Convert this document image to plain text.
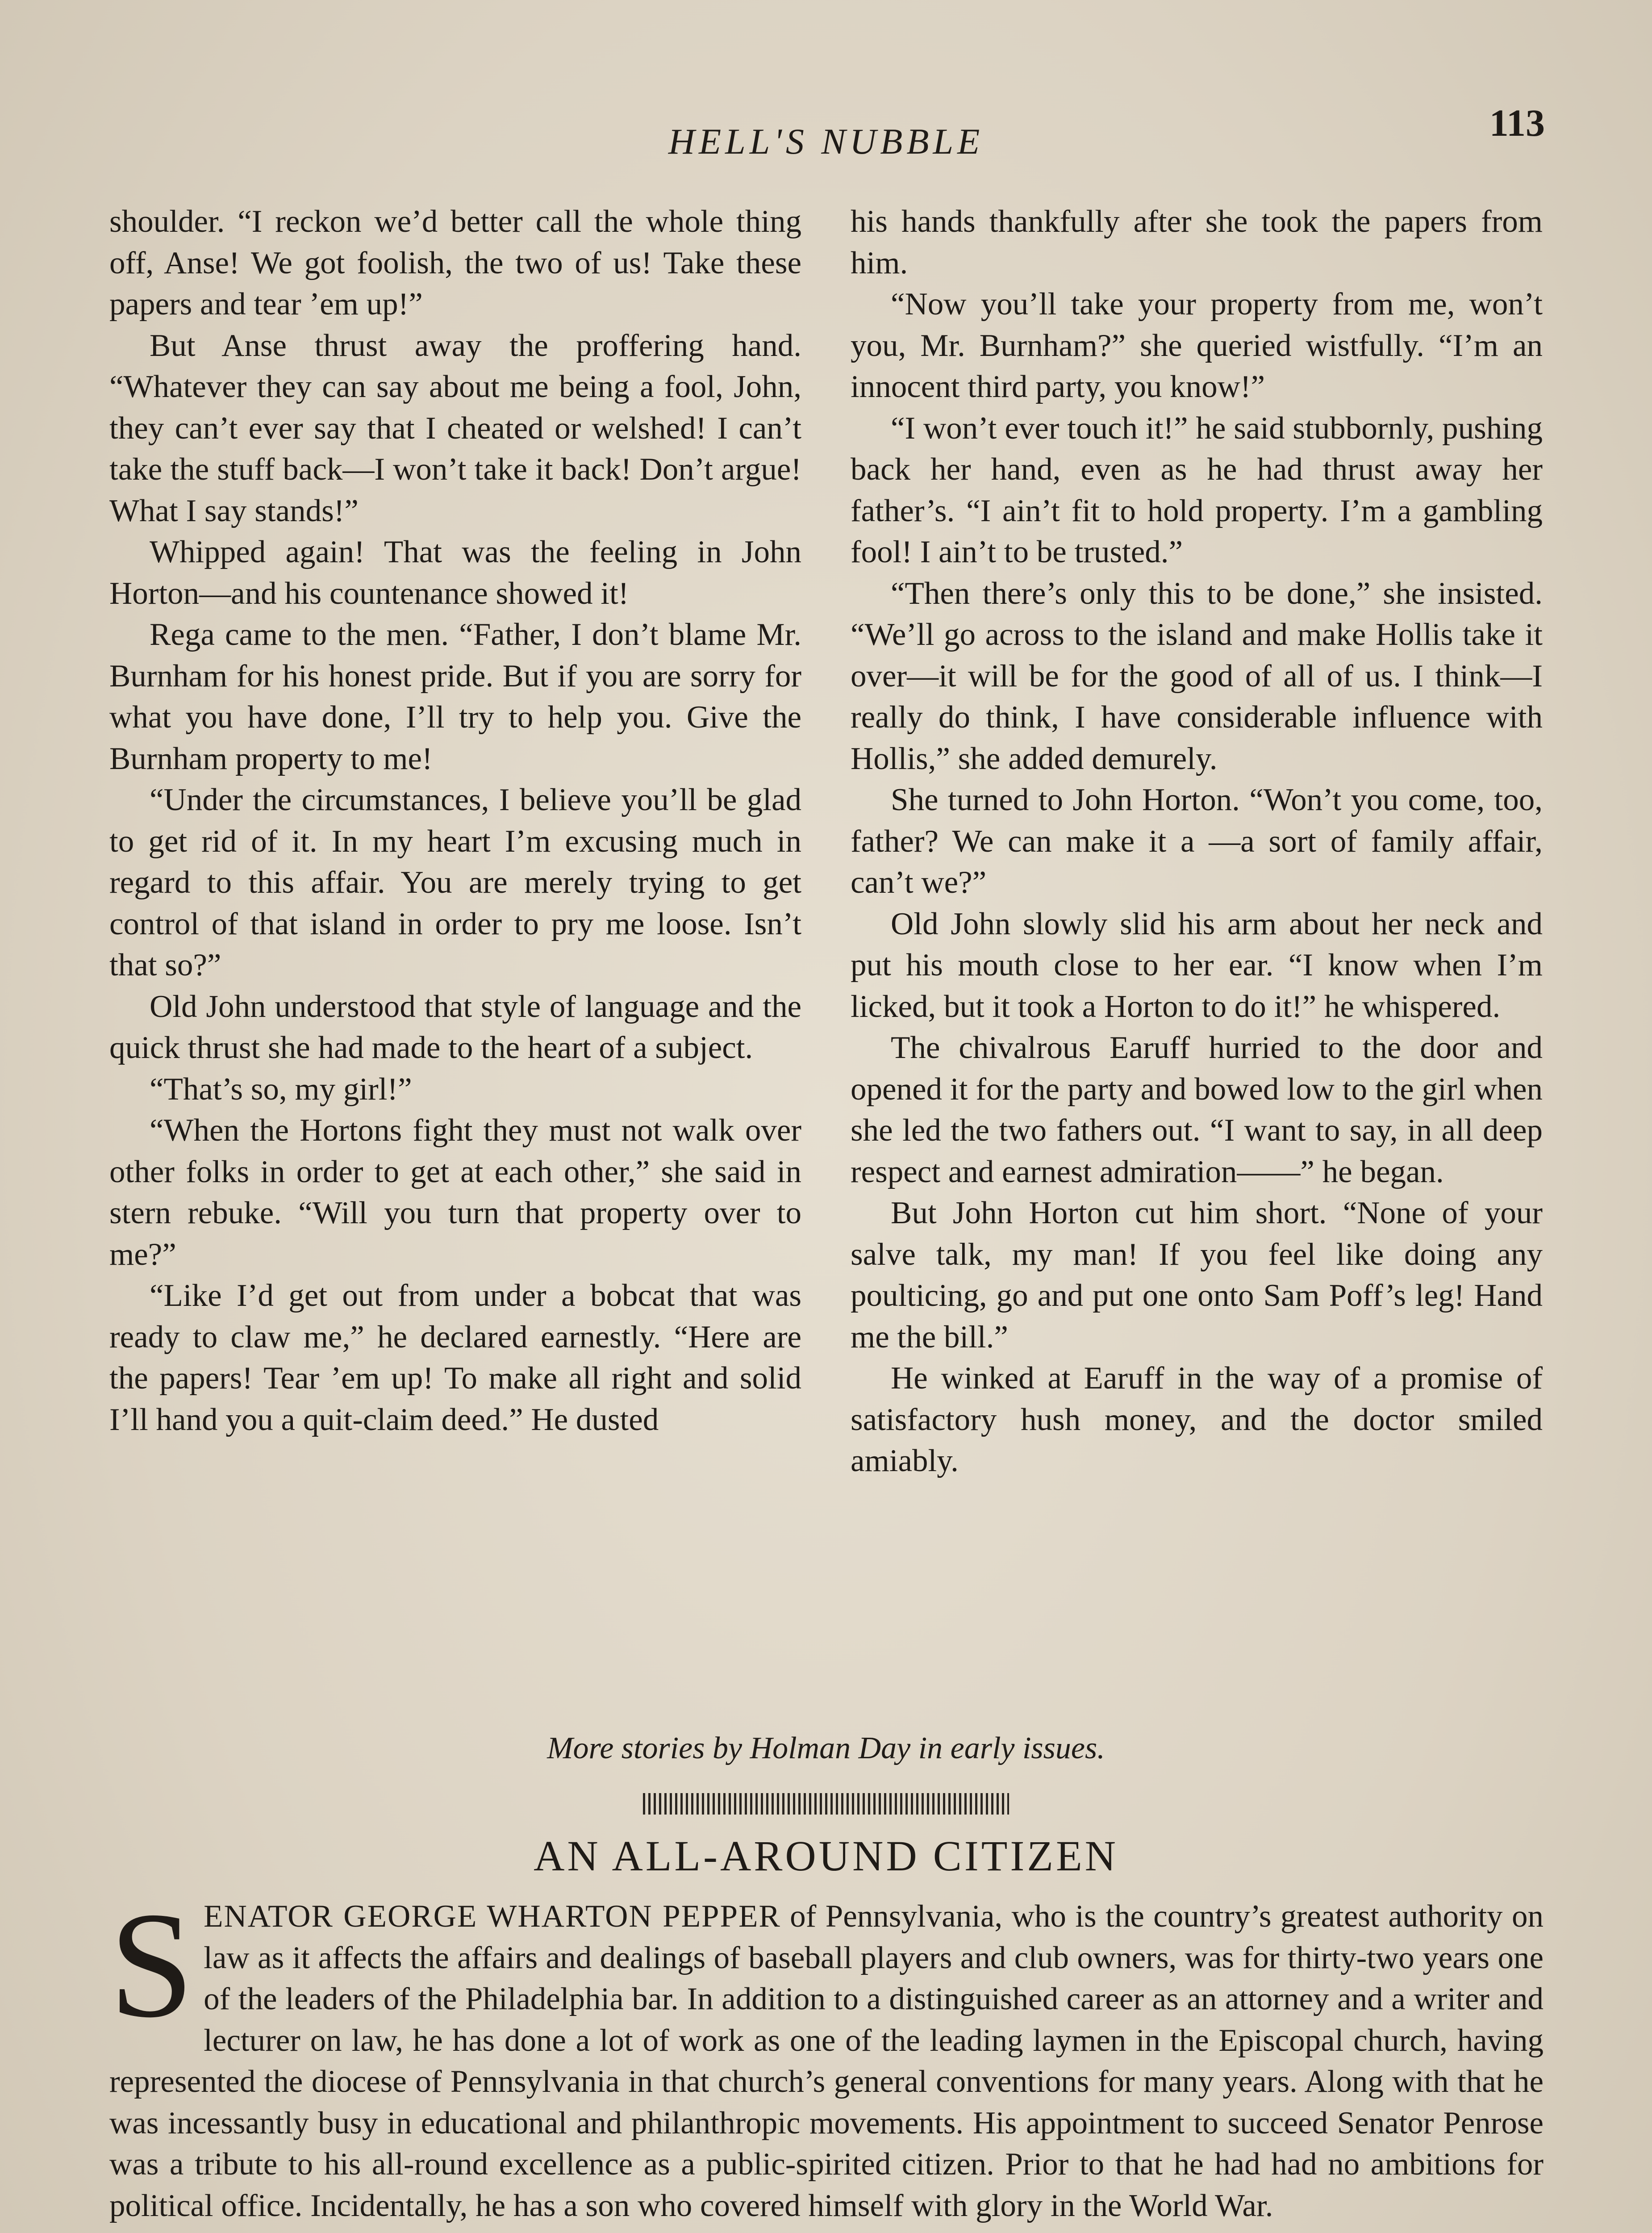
HELL'S NUBBLE	113

shoulder. “I reckon we’d better call the whole thing off, Anse! We got foolish, the two of us! Take these papers and tear ’em up!”

But Anse thrust away the proffering hand. “Whatever they can say about me being a fool, John, they can’t ever say that I cheated or welshed! I can’t take the stuff back—I won’t take it back! Don’t argue! What I say stands!”

Whipped again! That was the feeling in John Horton—and his countenance showed it!

Rega came to the men. “Father, I don’t blame Mr. Burnham for his honest pride. But if you are sorry for what you have done, I’ll try to help you. Give the Burnham property to me!

“Under the circumstances, I believe you’ll be glad to get rid of it. In my heart I’m excusing much in regard to this affair. You are merely trying to get control of that island in order to pry me loose. Isn’t that so?”

Old John understood that style of language and the quick thrust she had made to the heart of a subject.

“That’s so, my girl!”

“When the Hortons fight they must not walk over other folks in order to get at each other,” she said in stern rebuke. “Will you turn that property over to me?”

“Like I’d get out from under a bobcat that was ready to claw me,” he declared earnestly. “Here are the papers! Tear ’em up! To make all right and solid I’ll hand you a quit-claim deed.” He dusted

his hands thankfully after she took the papers from him.

“Now you’ll take your property from me, won’t you, Mr. Burnham?” she queried wistfully. “I’m an innocent third party, you know!”

“I won’t ever touch it!” he said stubbornly, pushing back her hand, even as he had thrust away her father’s. “I ain’t fit to hold property. I’m a gambling fool! I ain’t to be trusted.”

“Then there’s only this to be done,” she insisted. “We’ll go across to the island and make Hollis take it over—it will be for the good of all of us. I think—I really do think, I have considerable influence with Hollis,” she added demurely.

She turned to John Horton. “Won’t you come, too, father? We can make it a —a sort of family affair, can’t we?”

Old John slowly slid his arm about her neck and put his mouth close to her ear. “I know when I’m licked, but it took a Horton to do it!” he whispered.

The chivalrous Earuff hurried to the door and opened it for the party and bowed low to the girl when she led the two fathers out. “I want to say, in all deep respect and earnest admiration——” he began.

But John Horton cut him short. “None of your salve talk, my man! If you feel like doing any poulticing, go and put one onto Sam Poff’s leg! Hand me the bill.”

He winked at Earuff in the way of a promise of satisfactory hush money, and the doctor smiled amiably.

More stories by Holman Day in early issues.
AN ALL-AROUND CITIZEN

SENATOR GEORGE WHARTON PEPPER of Pennsylvania, who is the country’s greatest authority on law as it affects the affairs and dealings of baseball players and club owners, was for thirty-two years one of the leaders of the Philadelphia bar. In addition to a distinguished career as an attorney and a writer and lecturer on law, he has done a lot of work as one of the leading laymen in the Episcopal church, having represented the diocese of Pennsylvania in that church’s general conventions for many years. Along with that he was incessantly busy in educational and philanthropic movements. His appointment to succeed Senator Penrose was a tribute to his all-round excellence as a public-spirited citizen. Prior to that he had had no ambitions for political office. Incidentally, he has a son who covered himself with glory in the World War.
